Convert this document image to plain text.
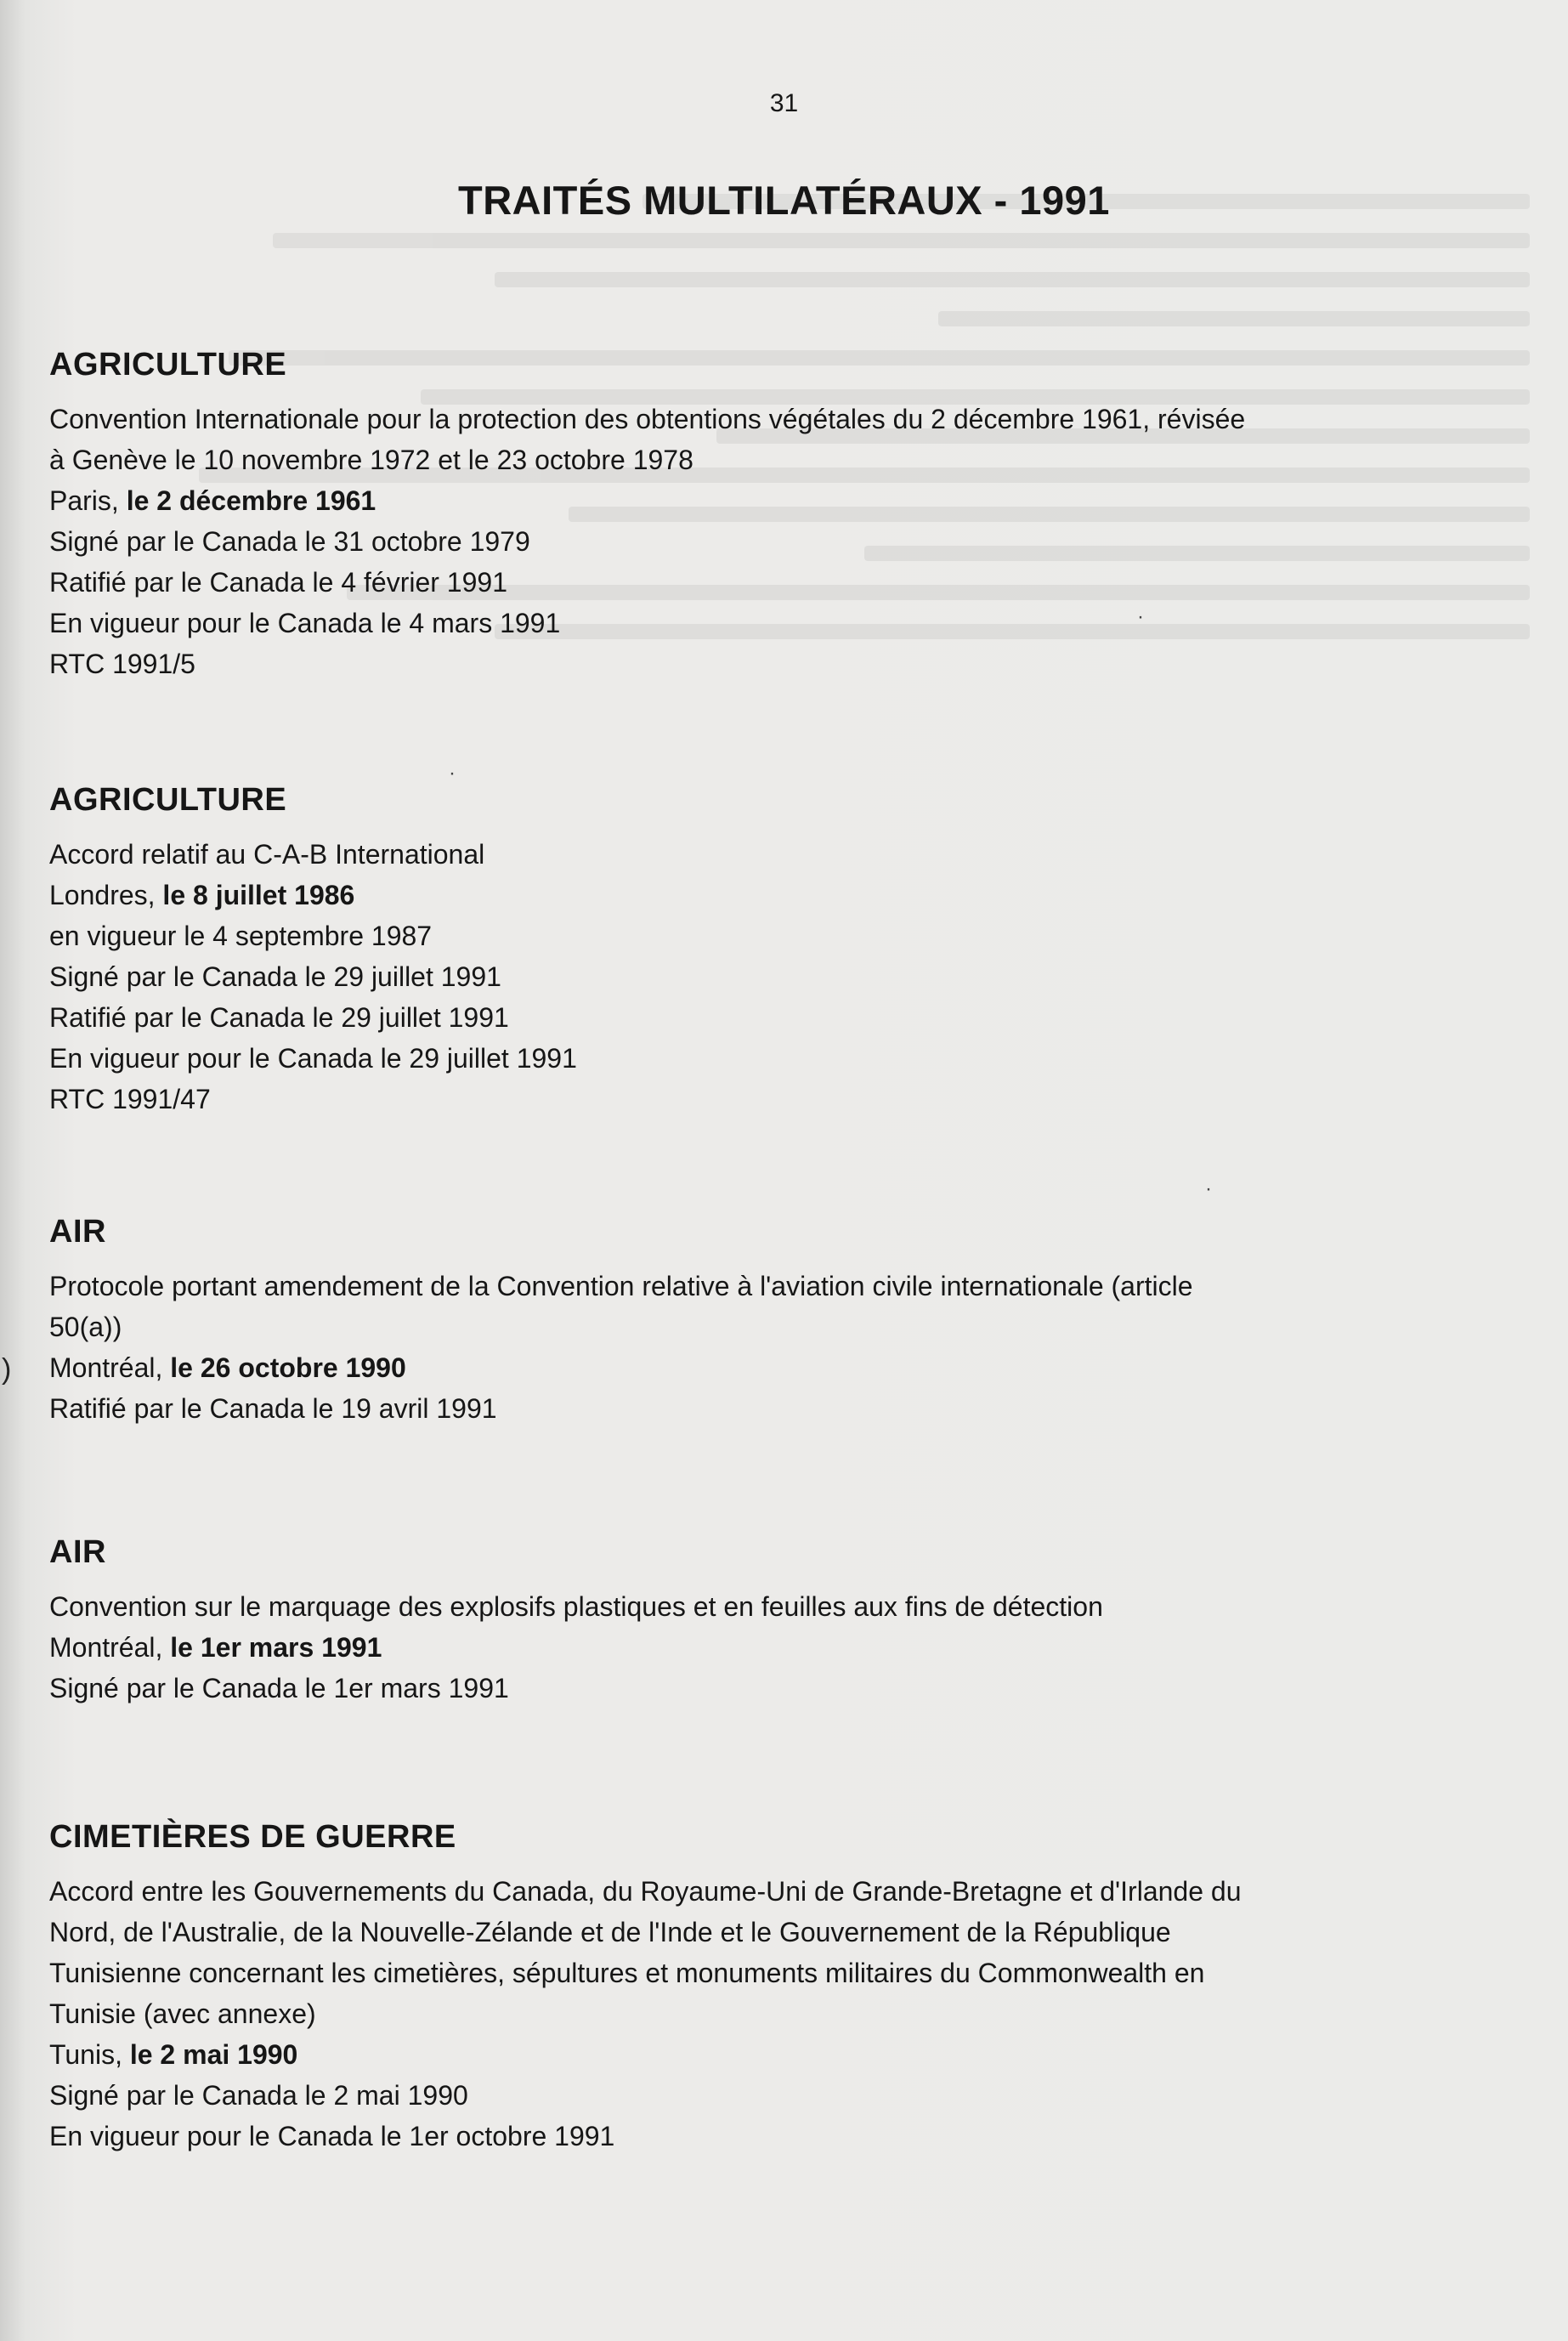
31
TRAITÉS MULTILATÉRAUX - 1991
AGRICULTURE
Convention Internationale pour la protection des obtentions végétales du 2 décembre 1961, révisée
à Genève le 10 novembre 1972 et le 23 octobre 1978
Paris, le 2 décembre 1961
Signé par le Canada le 31 octobre 1979
Ratifié par le Canada le 4 février 1991
En vigueur pour le Canada le 4 mars 1991
RTC 1991/5
AGRICULTURE
Accord relatif au C-A-B International
Londres, le 8 juillet 1986
en vigueur le 4 septembre 1987
Signé par le Canada le 29 juillet 1991
Ratifié par le Canada le 29 juillet 1991
En vigueur pour le Canada le 29 juillet 1991
RTC 1991/47
AIR
Protocole portant amendement de la Convention relative à l'aviation civile internationale (article
50(a))
Montréal, le 26 octobre 1990
Ratifié par le Canada le 19 avril 1991
AIR
Convention sur le marquage des explosifs plastiques et en feuilles aux fins de détection
Montréal, le 1er mars 1991
Signé par le Canada le 1er mars 1991
CIMETIÈRES DE GUERRE
Accord entre les Gouvernements du Canada, du Royaume-Uni de Grande-Bretagne et d'Irlande du
Nord, de l'Australie, de la Nouvelle-Zélande et de l'Inde et le Gouvernement de la République
Tunisienne concernant les cimetières, sépultures et monuments militaires du Commonwealth en
Tunisie (avec annexe)
Tunis, le 2 mai 1990
Signé par le Canada le 2 mai 1990
En vigueur pour le Canada le 1er octobre 1991
)
·
·
·
